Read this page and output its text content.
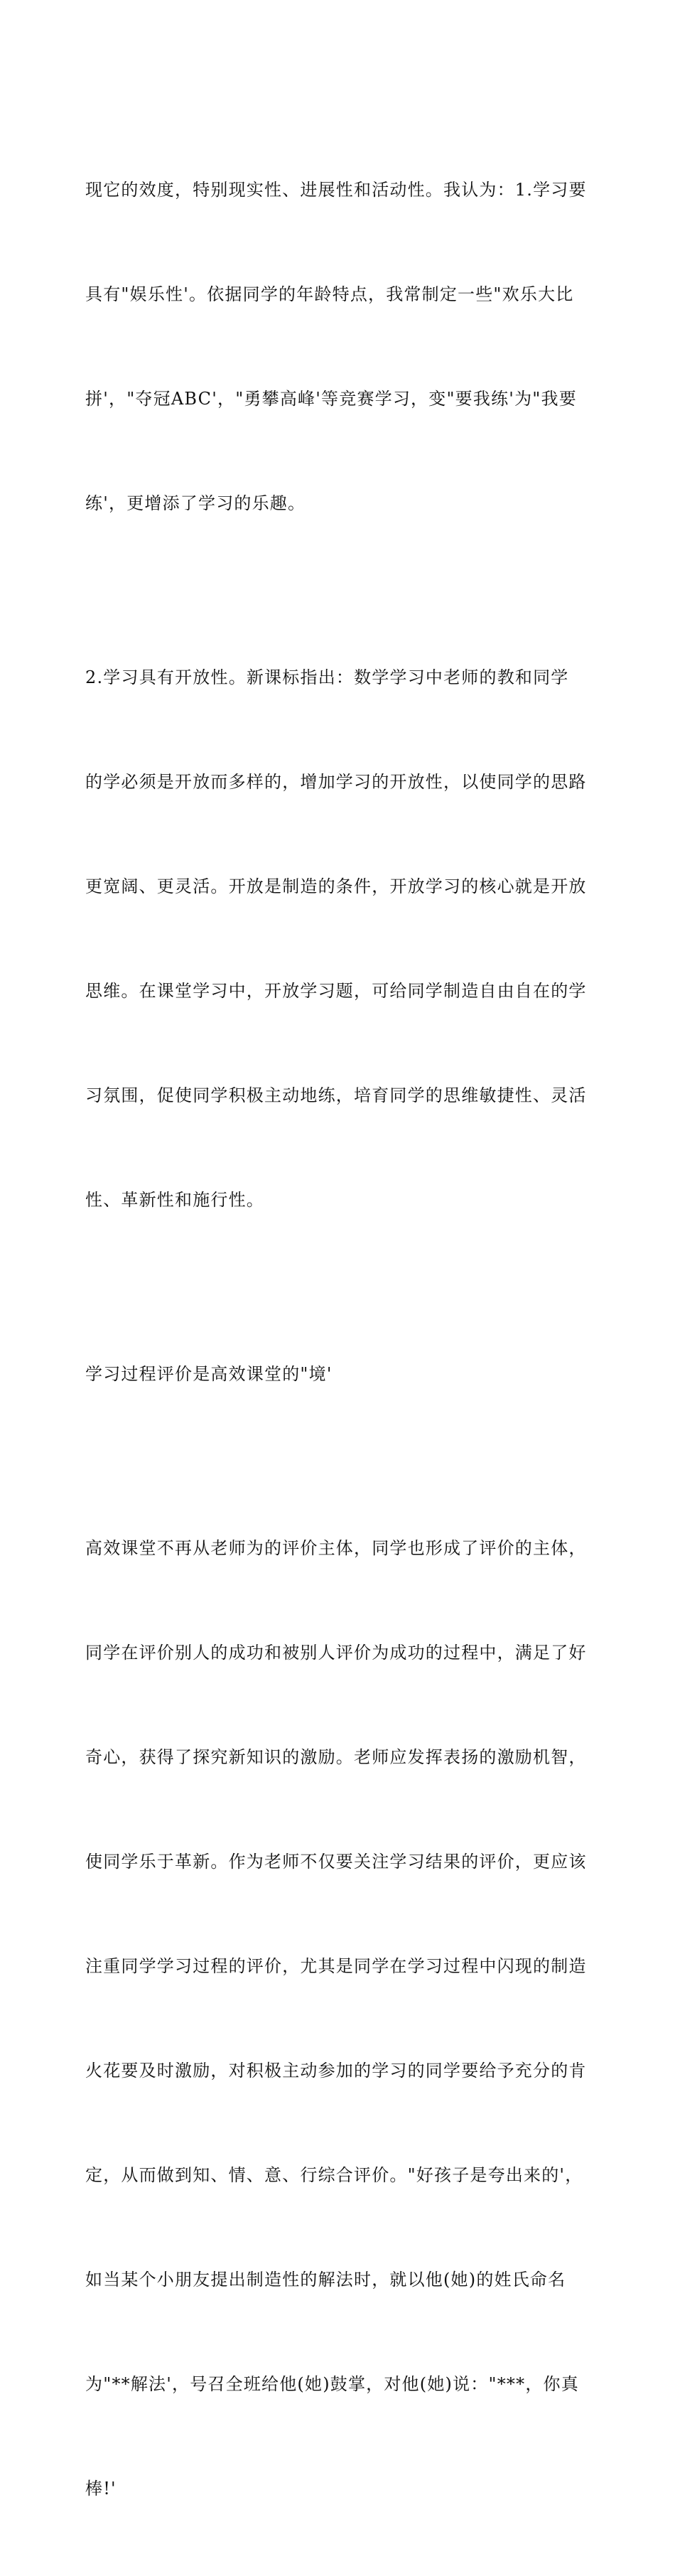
现它的效度，特别现实性、进展性和活动性。我认为：1.学习要

具有"娱乐性'。依据同学的年龄特点，我常制定一些"欢乐大比

拼'，"夺冠ABC'，"勇攀高峰'等竞赛学习，变"要我练'为"我要

练'，更增添了学习的乐趣。

2.学习具有开放性。新课标指出：数学学习中老师的教和同学

的学必须是开放而多样的，增加学习的开放性，以使同学的思路

更宽阔、更灵活。开放是制造的条件，开放学习的核心就是开放

思维。在课堂学习中，开放学习题，可给同学制造自由自在的学

习氛围，促使同学积极主动地练，培育同学的思维敏捷性、灵活

性、革新性和施行性。

学习过程评价是高效课堂的"境'

高效课堂不再从老师为的评价主体，同学也形成了评价的主体，

同学在评价别人的成功和被别人评价为成功的过程中，满足了好

奇心，获得了探究新知识的激励。老师应发挥表扬的激励机智，

使同学乐于革新。作为老师不仅要关注学习结果的评价，更应该

注重同学学习过程的评价，尤其是同学在学习过程中闪现的制造

火花要及时激励，对积极主动参加的学习的同学要给予充分的肯

定，从而做到知、情、意、行综合评价。"好孩子是夸出来的'，

如当某个小朋友提出制造性的解法时，就以他(她)的姓氏命名

为"**解法'，号召全班给他(她)鼓掌，对他(她)说："***，你真

棒!'
